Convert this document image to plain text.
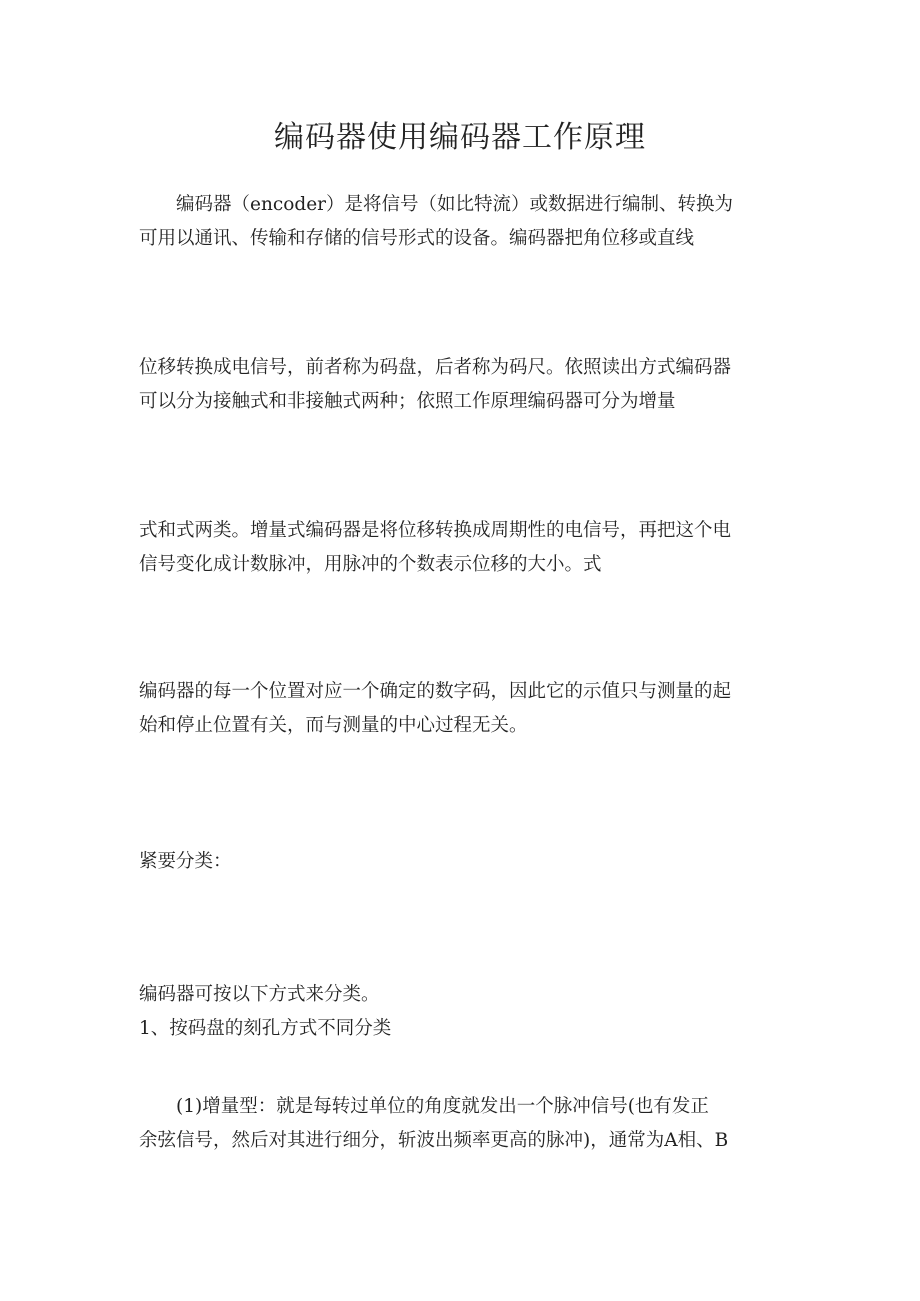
编码器使用编码器工作原理

　　编码器（encoder）是将信号（如比特流）或数据进行编制、转换为
可用以通讯、传输和存储的信号形式的设备。编码器把角位移或直线

位移转换成电信号，前者称为码盘，后者称为码尺。依照读出方式编码器
可以分为接触式和非接触式两种；依照工作原理编码器可分为增量

式和式两类。增量式编码器是将位移转换成周期性的电信号，再把这个电
信号变化成计数脉冲，用脉冲的个数表示位移的大小。式

编码器的每一个位置对应一个确定的数字码，因此它的示值只与测量的起
始和停止位置有关，而与测量的中心过程无关。

紧要分类：

编码器可按以下方式来分类。
1、按码盘的刻孔方式不同分类

　　(1)增量型：就是每转过单位的角度就发出一个脉冲信号(也有发正
余弦信号，然后对其进行细分，斩波出频率更高的脉冲)，通常为A相、B
